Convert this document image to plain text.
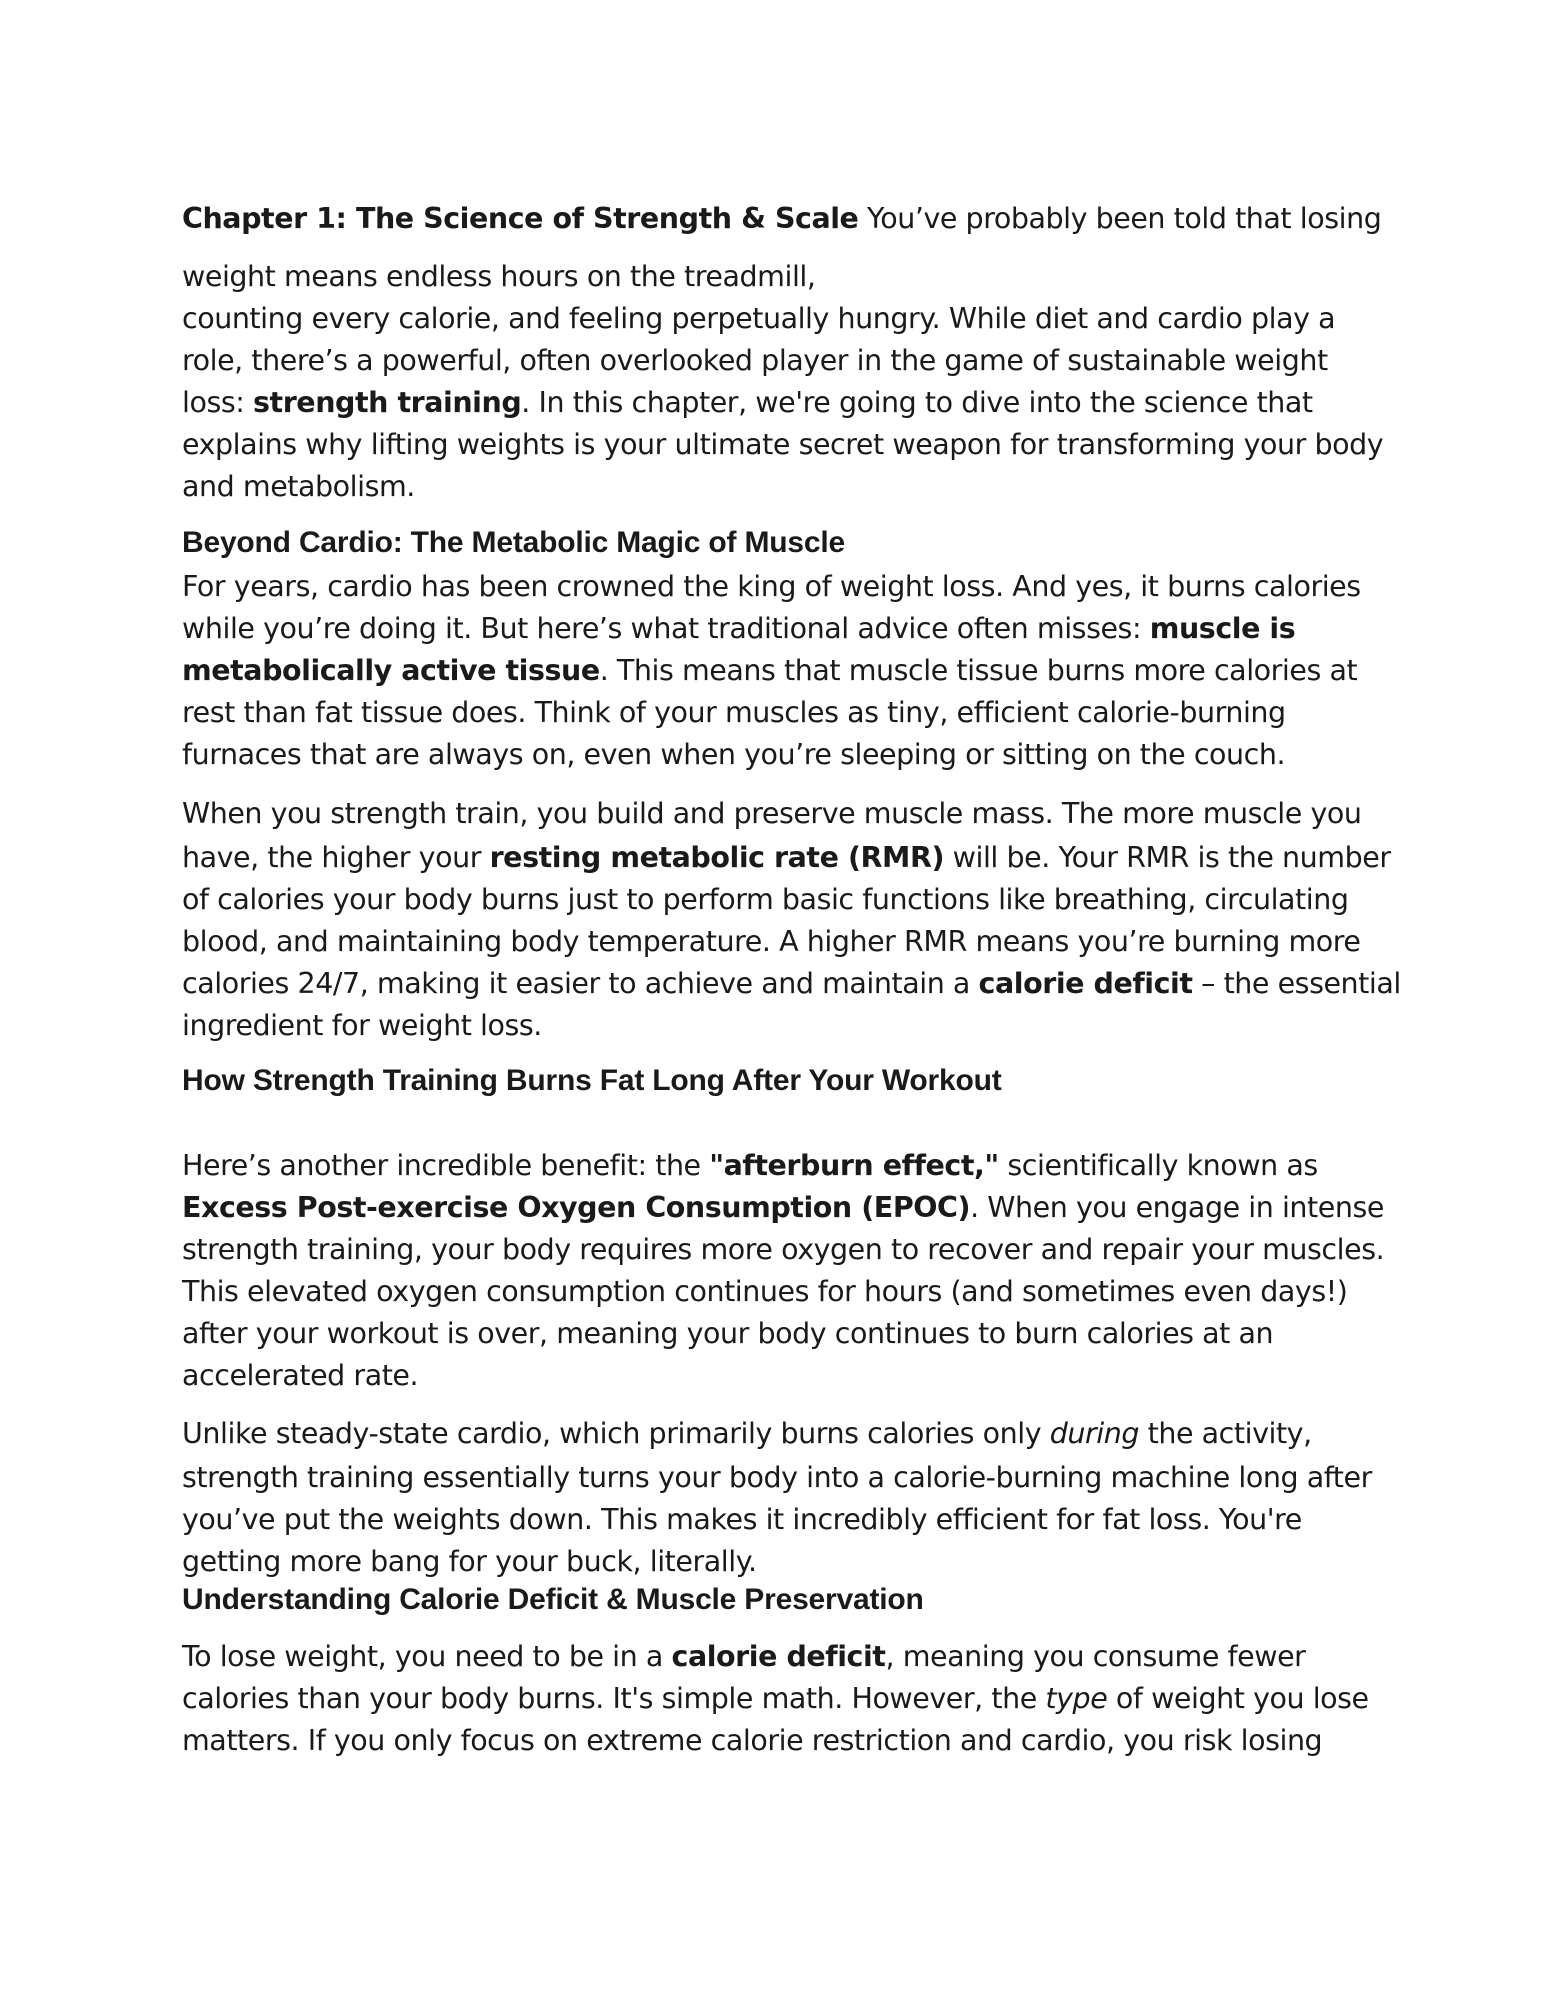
Chapter 1: The Science of Strength & Scale You’ve probably been told that losing

weight means endless hours on the treadmill,
counting every calorie, and feeling perpetually hungry. While diet and cardio play a
role, there’s a powerful, often overlooked player in the game of sustainable weight
loss: strength training. In this chapter, we're going to dive into the science that
explains why lifting weights is your ultimate secret weapon for transforming your body
and metabolism.

Beyond Cardio: The Metabolic Magic of Muscle

For years, cardio has been crowned the king of weight loss. And yes, it burns calories
while you’re doing it. But here’s what traditional advice often misses: muscle is
metabolically active tissue. This means that muscle tissue burns more calories at
rest than fat tissue does. Think of your muscles as tiny, efficient calorie-burning
furnaces that are always on, even when you’re sleeping or sitting on the couch.

When you strength train, you build and preserve muscle mass. The more muscle you
have, the higher your resting metabolic rate (RMR) will be. Your RMR is the number
of calories your body burns just to perform basic functions like breathing, circulating
blood, and maintaining body temperature. A higher RMR means you’re burning more
calories 24/7, making it easier to achieve and maintain a calorie deficit – the essential
ingredient for weight loss.

How Strength Training Burns Fat Long After Your Workout

Here’s another incredible benefit: the "afterburn effect," scientifically known as
Excess Post-exercise Oxygen Consumption (EPOC). When you engage in intense
strength training, your body requires more oxygen to recover and repair your muscles.
This elevated oxygen consumption continues for hours (and sometimes even days!)
after your workout is over, meaning your body continues to burn calories at an
accelerated rate.

Unlike steady-state cardio, which primarily burns calories only during the activity,
strength training essentially turns your body into a calorie-burning machine long after
you’ve put the weights down. This makes it incredibly efficient for fat loss. You're
getting more bang for your buck, literally.

Understanding Calorie Deficit & Muscle Preservation

To lose weight, you need to be in a calorie deficit, meaning you consume fewer
calories than your body burns. It's simple math. However, the type of weight you lose
matters. If you only focus on extreme calorie restriction and cardio, you risk losing
